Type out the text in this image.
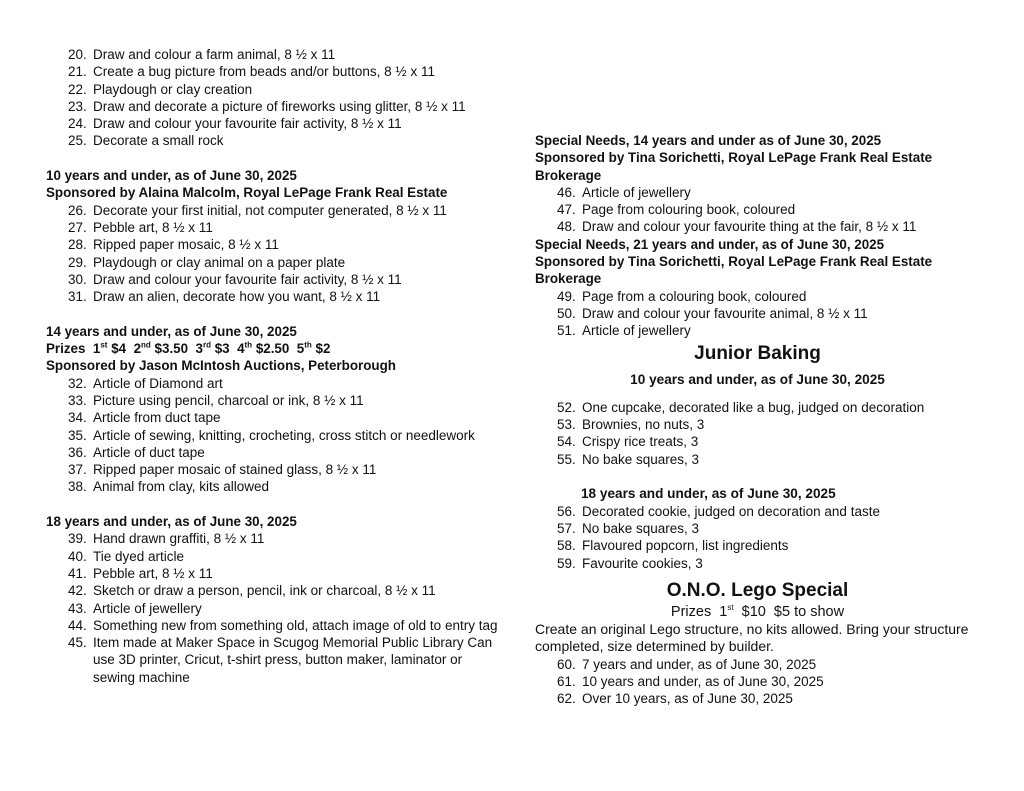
20. Draw and colour a farm animal, 8 ½ x 11
21. Create a bug picture from beads and/or buttons, 8 ½ x 11
22. Playdough or clay creation
23. Draw and decorate a picture of fireworks using glitter, 8 ½ x 11
24. Draw and colour your favourite fair activity, 8 ½ x 11
25. Decorate a small rock
10 years and under, as of June 30, 2025
Sponsored by Alaina Malcolm, Royal LePage Frank Real Estate
26. Decorate your first initial, not computer generated, 8 ½ x 11
27. Pebble art, 8 ½ x 11
28. Ripped paper mosaic, 8 ½ x 11
29. Playdough or clay animal on a paper plate
30. Draw and colour your favourite fair activity, 8 ½ x 11
31. Draw an alien, decorate how you want, 8 ½ x 11
14 years and under, as of June 30, 2025
Prizes 1st $4 2nd $3.50 3rd $3 4th $2.50 5th $2
Sponsored by Jason McIntosh Auctions, Peterborough
32. Article of Diamond art
33. Picture using pencil, charcoal or ink, 8 ½ x 11
34. Article from duct tape
35. Article of sewing, knitting, crocheting, cross stitch or needlework
36. Article of duct tape
37. Ripped paper mosaic of stained glass, 8 ½ x 11
38. Animal from clay, kits allowed
18 years and under, as of June 30, 2025
39. Hand drawn graffiti, 8 ½ x 11
40. Tie dyed article
41. Pebble art, 8 ½ x 11
42. Sketch or draw a person, pencil, ink or charcoal, 8 ½ x 11
43. Article of jewellery
44. Something new from something old, attach image of old to entry tag
45. Item made at Maker Space in Scugog Memorial Public Library Can use 3D printer, Cricut, t-shirt press, button maker, laminator or sewing machine
Special Needs, 14 years and under as of June 30, 2025
Sponsored by Tina Sorichetti, Royal LePage Frank Real Estate Brokerage
46. Article of jewellery
47. Page from colouring book, coloured
48. Draw and colour your favourite thing at the fair, 8 ½ x 11
Special Needs, 21 years and under, as of June 30, 2025
Sponsored by Tina Sorichetti, Royal LePage Frank Real Estate Brokerage
49. Page from a colouring book, coloured
50. Draw and colour your favourite animal, 8 ½ x 11
51. Article of jewellery
Junior Baking
10 years and under, as of June 30, 2025
52. One cupcake, decorated like a bug, judged on decoration
53. Brownies, no nuts, 3
54. Crispy rice treats, 3
55. No bake squares, 3
18 years and under, as of June 30, 2025
56. Decorated cookie, judged on decoration and taste
57. No bake squares, 3
58. Flavoured popcorn, list ingredients
59. Favourite cookies, 3
O.N.O. Lego Special
Prizes 1st $10 $5 to show
Create an original Lego structure, no kits allowed. Bring your structure completed, size determined by builder.
60. 7 years and under, as of June 30, 2025
61. 10 years and under, as of June 30, 2025
62. Over 10 years, as of June 30, 2025
